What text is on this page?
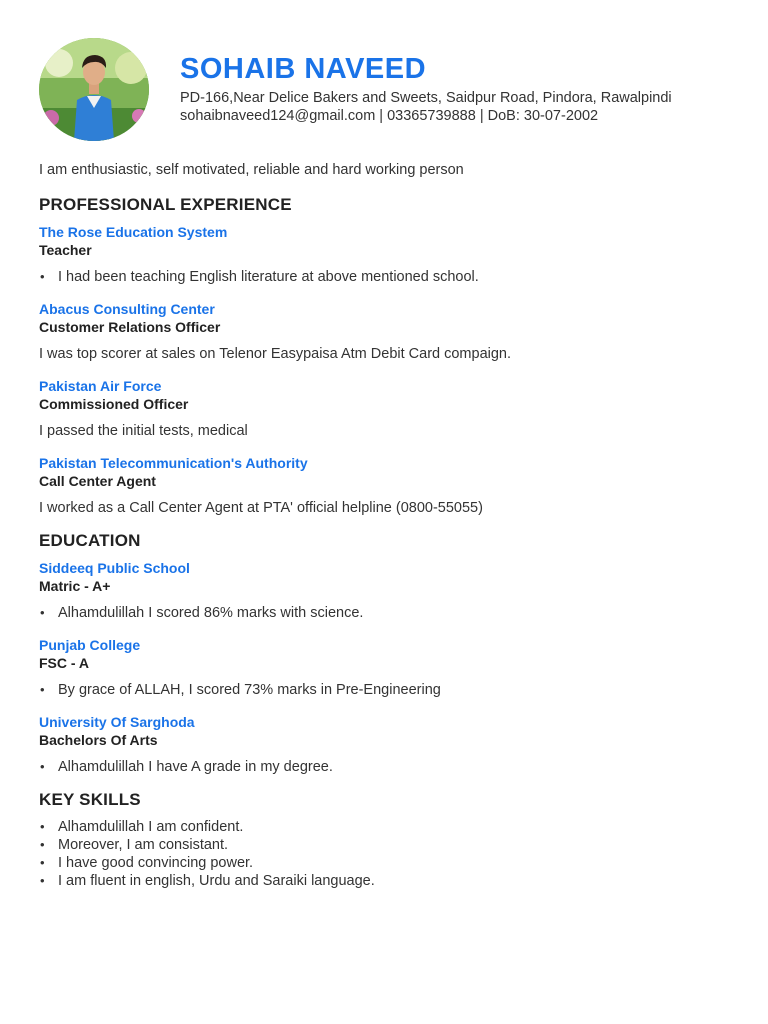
SOHAIB NAVEED
PD-166,Near Delice Bakers and Sweets, Saidpur Road, Pindora, Rawalpindi
sohaibnaveed124@gmail.com | 03365739888 | DoB: 30-07-2002

I am enthusiastic, self motivated, reliable and hard working person

PROFESSIONAL EXPERIENCE
The Rose Education System
Teacher
• I had been teaching English literature at above mentioned school.
Abacus Consulting Center
Customer Relations Officer
I was top scorer at sales on Telenor Easypaisa Atm Debit Card compaign.
Pakistan Air Force
Commissioned Officer
I passed the initial tests, medical
Pakistan Telecommunication's Authority
Call Center Agent
I worked as a Call Center Agent at PTA' official helpline (0800-55055)
EDUCATION
Siddeeq Public School
Matric - A+
• Alhamdulillah I scored 86% marks with science.
Punjab College
FSC - A
• By grace of ALLAH, I scored 73% marks in Pre-Engineering
University Of Sarghoda
Bachelors Of Arts
• Alhamdulillah I have A grade in my degree.
KEY SKILLS
• Alhamdulillah I am confident.
• Moreover, I am consistant.
• I have good convincing power.
• I am fluent in english, Urdu and Saraiki language.
